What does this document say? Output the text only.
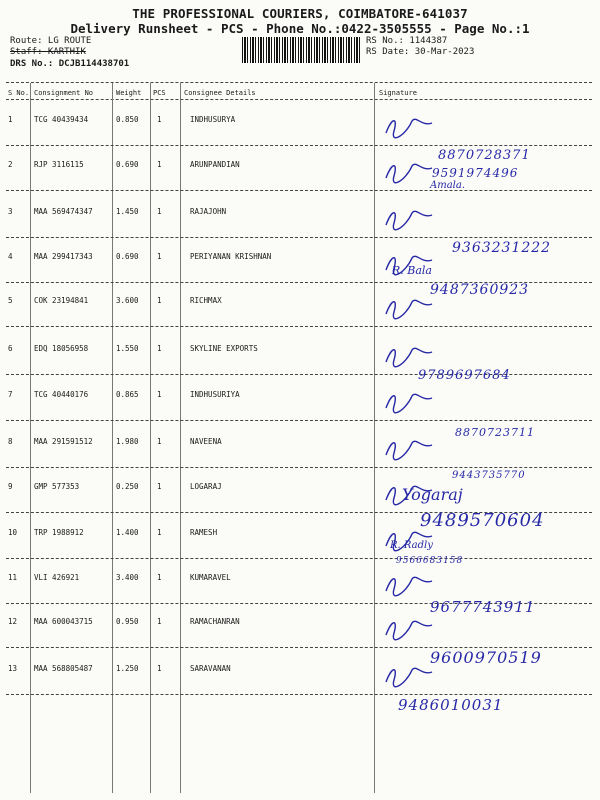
THE PROFESSIONAL COURIERS, COIMBATORE-641037
Delivery Runsheet - PCS - Phone No.:0422-3505555 - Page No.:1
Route: LG ROUTE
Staff: KARTHIK
DRS No.: DCJB114438701
RS No.: 1144387
RS Date: 30-Mar-2023
S No. Consignment No	Weight PCS	Consignee Details	Signature
1	TCG 40439434	0.850 1	INDHUSURYA
8870728371
2	RJP 3116115	0.690 1	ARUNPANDIAN
9591974496
3	MAA 569474347	1.450 1	RAJAJOHN
9363231222
4	MAA 299417343	0.690 1	PERIYANAN KRISHNAN
9487360923
5	COK 23194841	3.600 1	RICHMAX
6	EDQ 18056958	1.550 1	SKYLINE EXPORTS
9789697684
7	TCG 40440176	0.865 1	INDHUSURIYA
8870723711
8	MAA 291591512	1.980 1	NAVEENA
9443735770
9	GMP 577353	0.250 1	LOGARAJ
9489570604
10 TRP 1988912	1.400 1	RAMESH
9566683158
11 VLI 426921	3.400 1	KUMARAVEL
9677743911
12 MAA 600043715	0.950 1	RAMACHANRAN
9600970519
13 MAA 568805487	1.250 1	SARAVANAN
9486010031
Amala.
R. Bala
Yogaraj
R. Radly
